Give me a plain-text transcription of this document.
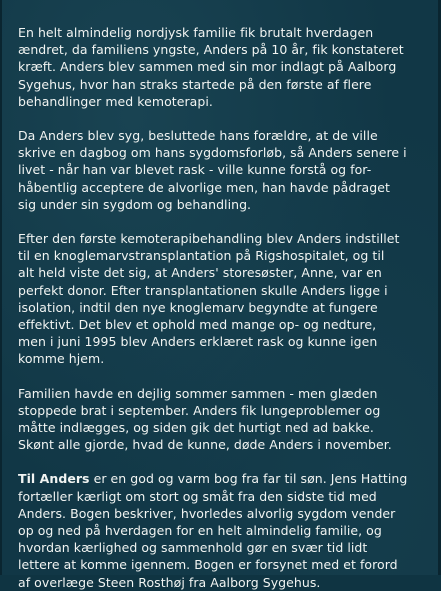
En helt almindelig nordjysk familie fik brutalt hverdagen
ændret, da familiens yngste, Anders på 10 år, fik konstateret
kræft. Anders blev sammen med sin mor indlagt på Aalborg
Sygehus, hvor han straks startede på den første af flere
behandlinger med kemoterapi.

Da Anders blev syg, besluttede hans forældre, at de ville
skrive en dagbog om hans sygdomsforløb, så Anders senere i
livet - når han var blevet rask - ville kunne forstå og for-
håbentlig acceptere de alvorlige men, han havde pådraget
sig under sin sygdom og behandling.

Efter den første kemoterapibehandling blev Anders indstillet
til en knoglemarvstransplantation på Rigshospitalet, og til
alt held viste det sig, at Anders' storesøster, Anne, var en
perfekt donor. Efter transplantationen skulle Anders ligge i
isolation, indtil den nye knoglemarv begyndte at fungere
effektivt. Det blev et ophold med mange op- og nedture,
men i juni 1995 blev Anders erklæret rask og kunne igen
komme hjem.

Familien havde en dejlig sommer sammen - men glæden
stoppede brat i september. Anders fik lungeproblemer og
måtte indlægges, og siden gik det hurtigt ned ad bakke.
Skønt alle gjorde, hvad de kunne, døde Anders i november.

Til Anders er en god og varm bog fra far til søn. Jens Hatting
fortæller kærligt om stort og småt fra den sidste tid med
Anders. Bogen beskriver, hvorledes alvorlig sygdom vender
op og ned på hverdagen for en helt almindelig familie, og
hvordan kærlighed og sammenhold gør en svær tid lidt
lettere at komme igennem. Bogen er forsynet med et forord
af overlæge Steen Rosthøj fra Aalborg Sygehus.
